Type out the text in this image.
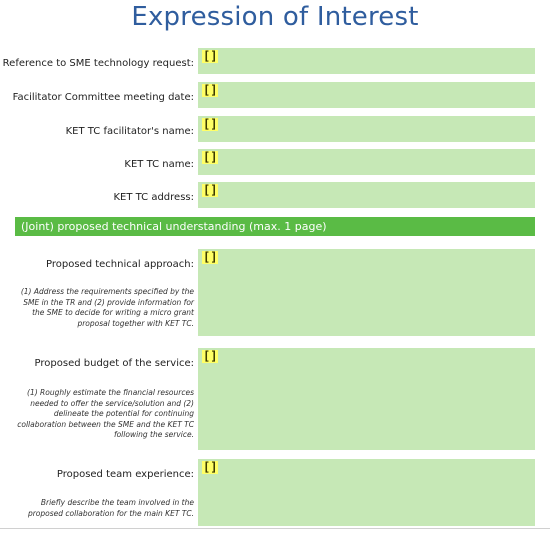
Expression of Interest
Reference to SME technology request:
[]
Facilitator Committee meeting date:
[]
KET TC facilitator's name:
[]
KET TC name:
[]
KET TC address:
[]
(Joint) proposed technical understanding (max. 1 page)
Proposed technical approach:
(1) Address the requirements specified by the SME in the TR and (2) provide information for the SME to decide for writing a micro grant proposal together with KET TC.
[]
Proposed budget of the service:
(1) Roughly estimate the financial resources needed to offer the service/solution and (2) delineate the potential for continuing collaboration between the SME and the KET TC following the service.
[]
Proposed team experience:
Briefly describe the team involved in the proposed collaboration for the main KET TC.
[]
